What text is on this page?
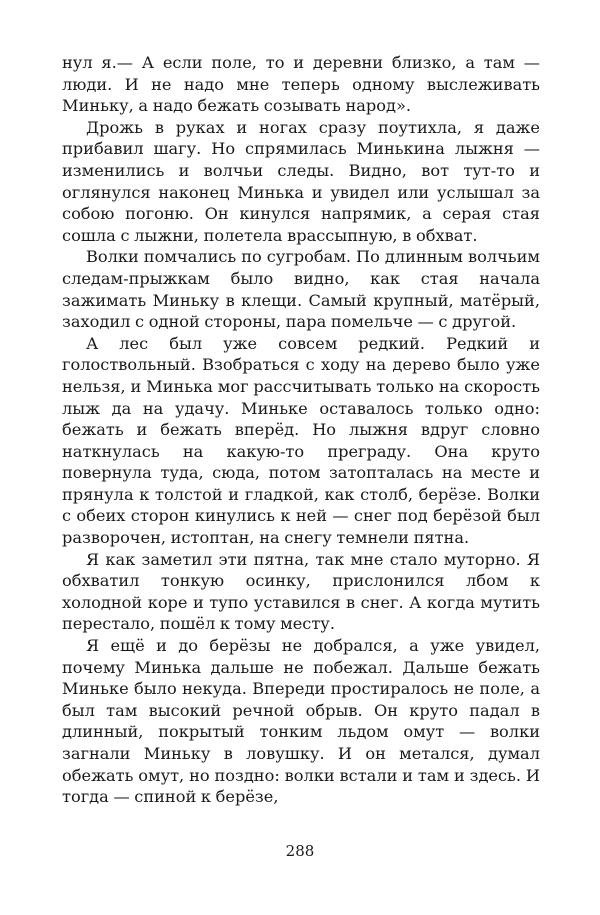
нул я.— А если поле, то и деревни близко, а там — люди. И не надо мне теперь одному выслеживать Миньку, а надо бежать созывать народ».

Дрожь в руках и ногах сразу поутихла, я даже прибавил шагу. Но спрямилась Минькина лыжня — изменились и волчьи следы. Видно, вот тут-то и оглянулся наконец Минька и увидел или услышал за собою погоню. Он кинулся напрямик, а серая стая сошла с лыжни, полетела врассыпную, в обхват.

Волки помчались по сугробам. По длинным волчьим следам-прыжкам было видно, как стая начала зажимать Миньку в клещи. Самый крупный, матёрый, заходил с одной стороны, пара помельче — с другой.

А лес был уже совсем редкий. Редкий и голоствольный. Взобраться с ходу на дерево было уже нельзя, и Минька мог рассчитывать только на скорость лыж да на удачу. Миньке оставалось только одно: бежать и бежать вперёд. Но лыжня вдруг словно наткнулась на какую-то преграду. Она круто повернула туда, сюда, потом затопталась на месте и прянула к толстой и гладкой, как столб, берёзе. Волки с обеих сторон кинулись к ней — снег под берёзой был разворочен, истоптан, на снегу темнели пятна.

Я как заметил эти пятна, так мне стало муторно. Я обхватил тонкую осинку, прислонился лбом к холодной коре и тупо уставился в снег. А когда мутить перестало, пошёл к тому месту.

Я ещё и до берёзы не добрался, а уже увидел, почему Минька дальше не побежал. Дальше бежать Миньке было некуда. Впереди простиралось не поле, а был там высокий речной обрыв. Он круто падал в длинный, покрытый тонким льдом омут — волки загнали Миньку в ловушку. И он метался, думал обежать омут, но поздно: волки встали и там и здесь. И тогда — спиной к берёзе,

288
